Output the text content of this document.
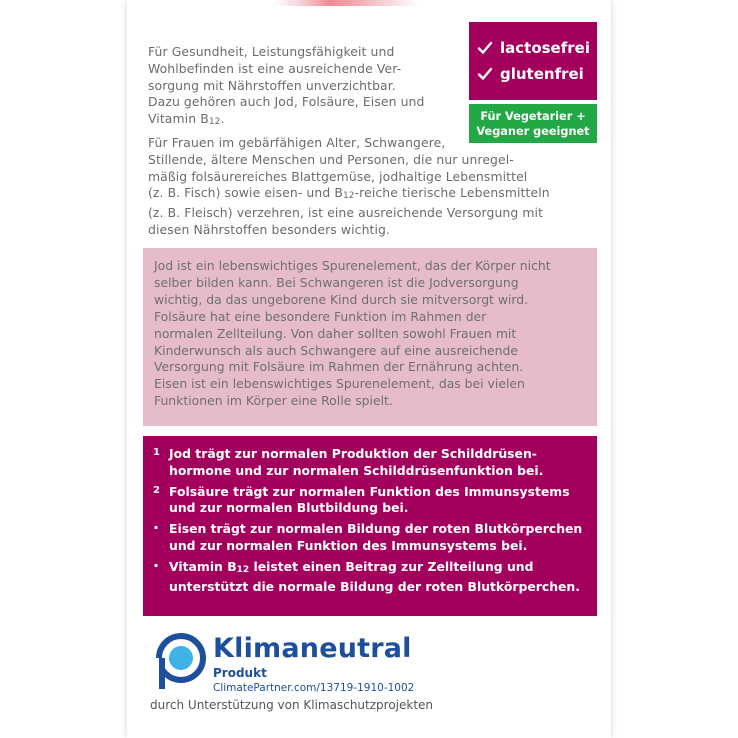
Für Gesundheit, Leistungsfähigkeit und
Wohlbefinden ist eine ausreichende Ver-
sorgung mit Nährstoffen unverzichtbar.
Dazu gehören auch Jod, Folsäure, Eisen und
Vitamin $B_{12}$.

Für Frauen im gebärfähigen Alter, Schwangere,
Stillende, ältere Menschen und Personen, die nur unregel-
mäßig folsäurereiches Blattgemüse, jodhaltige Lebensmittel
(z. B. Fisch) sowie eisen- und $B_{12}$-reiche tierische Lebensmitteln
(z. B. Fleisch) verzehren, ist eine ausreichende Versorgung mit
diesen Nährstoffen besonders wichtig.

lactosefrei
glutenfrei
Für Vegetarier +
Veganer geeignet
Jod ist ein lebenswichtiges Spurenelement, das der Körper nicht
selber bilden kann. Bei Schwangeren ist die Jodversorgung
wichtig, da das ungeborene Kind durch sie mitversorgt wird.
Folsäure hat eine besondere Funktion im Rahmen der
normalen Zellteilung. Von daher sollten sowohl Frauen mit
Kinderwunsch als auch Schwangere auf eine ausreichende
Versorgung mit Folsäure im Rahmen der Ernährung achten.
Eisen ist ein lebenswichtiges Spurenelement, das bei vielen
Funktionen im Körper eine Rolle spielt.
1 Jod trägt zur normalen Produktion der Schilddrüsen-
hormone und zur normalen Schilddrüsenfunktion bei.
2 Folsäure trägt zur normalen Funktion des Immunsystems
und zur normalen Blutbildung bei.
· Eisen trägt zur normalen Bildung der roten Blutkörperchen
und zur normalen Funktion des Immunsystems bei.
· Vitamin $B_{12}$ leistet einen Beitrag zur Zellteilung und
unterstützt die normale Bildung der roten Blutkörperchen.
Klimaneutral
Produkt
ClimatePartner.com/13719-1910-1002
durch Unterstützung von Klimaschutzprojekten
